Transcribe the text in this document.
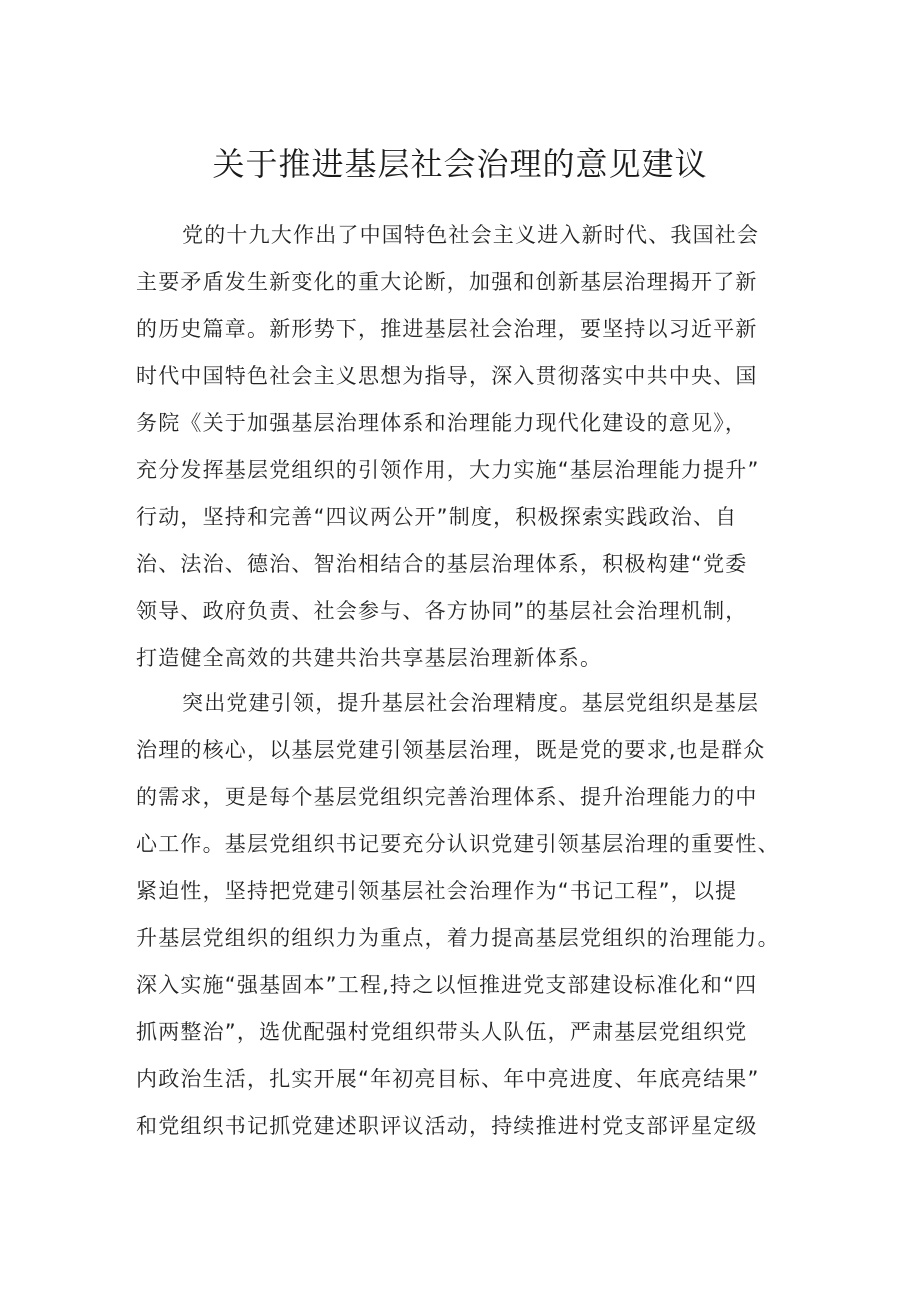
关于推进基层社会治理的意见建议
党的十九大作出了中国特色社会主义进入新时代、我国社会
主要矛盾发生新变化的重大论断，加强和创新基层治理揭开了新
的历史篇章。新形势下，推进基层社会治理，要坚持以习近平新
时代中国特色社会主义思想为指导，深入贯彻落实中共中央、国
务院《关于加强基层治理体系和治理能力现代化建设的意见》，
充分发挥基层党组织的引领作用，大力实施“基层治理能力提升”
行动，坚持和完善“四议两公开”制度，积极探索实践政治、自
治、法治、德治、智治相结合的基层治理体系，积极构建“党委
领导、政府负责、社会参与、各方协同”的基层社会治理机制，
打造健全高效的共建共治共享基层治理新体系。
突出党建引领，提升基层社会治理精度。基层党组织是基层
治理的核心，以基层党建引领基层治理，既是党的要求,也是群众
的需求，更是每个基层党组织完善治理体系、提升治理能力的中
心工作。基层党组织书记要充分认识党建引领基层治理的重要性、
紧迫性，坚持把党建引领基层社会治理作为“书记工程”，以提
升基层党组织的组织力为重点，着力提高基层党组织的治理能力。
深入实施“强基固本”工程,持之以恒推进党支部建设标准化和“四
抓两整治”，选优配强村党组织带头人队伍，严肃基层党组织党
内政治生活，扎实开展“年初亮目标、年中亮进度、年底亮结果”
和党组织书记抓党建述职评议活动，持续推进村党支部评星定级
